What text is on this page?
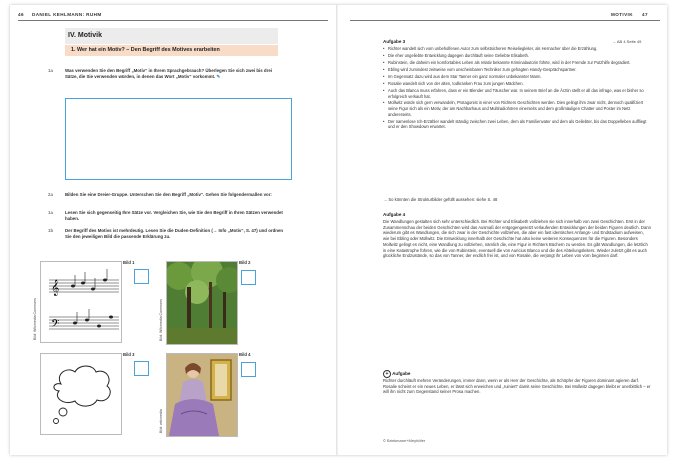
46 DANIEL KEHLMANN: RUHM
IV. Motivik
1. Wer hat ein Motiv? – Den Begriff des Motives erarbeiten
1a	Was verwenden Sie den Begriff „Motiv“ in Ihrem Sprachgebrauch? Überlegen Sie sich zwei bis drei Sätze, die Sie verwenden würden, in denen das Wort „Motiv“ vorkommt. ✎
2a	Bilden Sie eine Dreier-Gruppe. Unterschen Sie den Begriff „Motiv“. Gehen Sie folgendermaßen vor:
1a	Lesen Sie sich gegenseitig Ihre Sätze vor. Vergleichen Sie, wie Sie den Begriff in Ihren Sätzen verwendet haben.
1b	Der Begriff des Motivs ist mehrdeutig. Lesen Sie die Duden-Definition (→ Info „Motiv“, S. 47) und ordnen Sie den jeweiligen Bild die passende Erklärung zu.
𝄞
𝄢
Bild: Wikimedia Commons
Bild 1
Bild: Wikimedia Commons
Bild 2
Bild 3
Bild: wikimedia
Bild 4
MOTIVIK 47
→ AB 4 Seite 49
Aufgabe 3
• Richter wandelt sich vom unbeholfenen Autor zum selbstsicheren Reiseliegleiter, als Hernacher über die Erzählung.
• Die eher ungeliebte Entwicklung dagegen durchläuft seine Geliebte Elisabeth.
• Rubinstein, die daheim ein komfortables Leben als relativ bekannte Kriminalautorin führte, wird in der Fremde zur Putzhilfe degradiert.
• Ebling wird zumindest zeitweise vom unscheinbaren Techniker zum gefragten Handy-Gesprächspartner.
• Im Gegensatz dazu wird aus dem Star Tanner ein ganz normaler unbekannter Mann.
• Rosalie wandelt sich von der alten, todkranken Frau zum jungen Mädchen.
• Auch das Blanca muss erfahren, dass er ein Blender und Täuscher war. In seinem Brief an die Ärztin stellt er all das infrage, was er bisher so erfolgreich verkauft hat.
• Mollwitz würde sich gern verwandeln, Protagonist in einer von Richters Geschichten werden. Dies gelingt ihm zwar nicht, dennoch qualifiziert seine Figur sich als ein Motiv, der am Nachbarhaus und Multiradiohören einerseits und dem großmäuligen Chatter und Poster im Netz andererseits.
• Der namenlose Ich-Erzähler wandelt ständig zwischen zwei Leben, dem als Familienvater und dem als Geliebter, bis das Doppelleben auffliegt und er den Showdown erwartet.
→ So könnten die Strukturbilder gefüllt aussehen: siehe S. 48
Aufgabe 4
Die Wandlungen gestalten sich sehr unterschiedlich. Bei Richter und Elisabeth vollziehen sie sich innerhalb von zwei Geschichten. Erst in der Zusammenschau der beiden Geschichten wird das Ausmaß der entgegengesetzt verlaufenden Entwicklungen der beiden Figuren deutlich. Dann wiederum gibt es Wandlungen, die sich zwar in der Geschichte vollziehen, die aber ein fast identisches Anfangs- und Endstadium aufweisen, wie bei Ebling oder Mollwitz. Die Entwicklung innerhalb der Geschichte hat also keine weiteren Konsequenzen für die Figuren. Besonders Mollwitz gelingt es nicht, eine Wandlung zu vollziehen, nämlich die, eine Figur in Richters Büchern zu werden. Es gibt Wandlungen, die letztlich in eine Katastrophe führen, wie die von Rubinstein, eventuell die von Auricius Blanco und die des Abteilungsleiters. Wieder zuletzt gibt es auch glückliche Endzustände, so das von Tanner, der endlich frei ist, und von Rosalie, die verjüngt ihr Leben von vorn beginnen darf.
+ Aufgabe
Richter durchläuft mehren Veränderungen, immer dann, wenn er als Herr der Geschichte, als Schöpfer der Figuren dominant agieren darf. Rosalie scheint er ein neues Leben, er lässt sich erweichen und „ruiniert“ damit seine Geschichte. Bei Mollwitz dagegen bleibt er unerbittlich – er will ihn nicht zum Gegenstand seiner Prosa machen.
© Brinkmann+Meyhöfer
